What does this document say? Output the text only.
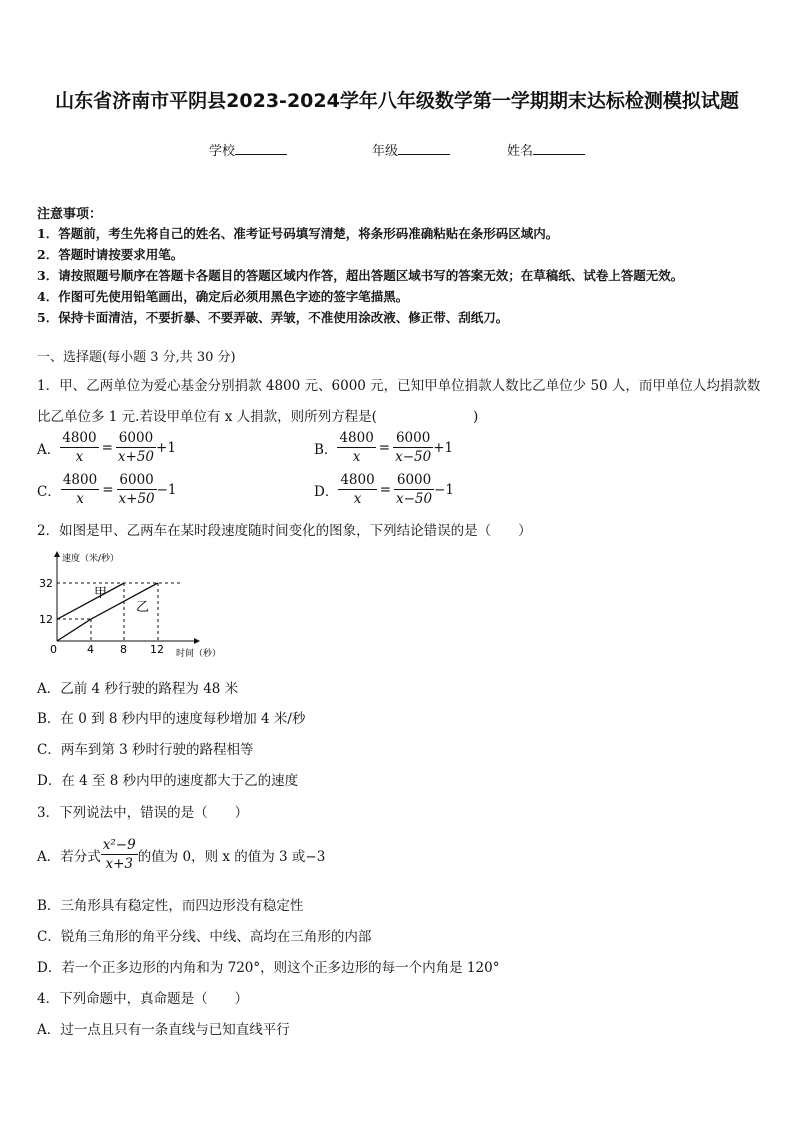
山东省济南市平阴县2023-2024学年八年级数学第一学期期末达标检测模拟试题
学校	年级	姓名
注意事项：
1．答题前，考生先将自己的姓名、准考证号码填写清楚，将条形码准确粘贴在条形码区域内。
2．答题时请按要求用笔。
3．请按照题号顺序在答题卡各题目的答题区域内作答，超出答题区域书写的答案无效；在草稿纸、试卷上答题无效。
4．作图可先使用铅笔画出，确定后必须用黑色字迹的签字笔描黑。
5．保持卡面清洁，不要折暴、不要弄破、弄皱，不准使用涂改液、修正带、刮纸刀。
一、选择题(每小题 3 分,共 30 分)
1．甲、乙两单位为爱心基金分别捐款 4800 元、6000 元，已知甲单位捐款人数比乙单位少 50 人，而甲单位人均捐款数
比乙单位多 1 元.若设甲单位有 x 人捐款，则所列方程是(	)
A． $\frac{4800}{x} = \frac{6000}{x+50} +1$	B． $\frac{4800}{x} = \frac{6000}{x-50} +1$
C． $\frac{4800}{x} = \frac{6000}{x+50} -1$	D． $\frac{4800}{x} = \frac{6000}{x-50} -1$
2．如图是甲、乙两车在某时段速度随时间变化的图象，下列结论错误的是（　　）
速度（米/秒）
时间（秒）
32
12
0	4 8 12
甲
乙
A．乙前 4 秒行驶的路程为 48 米
B．在 0 到 8 秒内甲的速度每秒增加 4 米/秒
C．两车到第 3 秒时行驶的路程相等
D．在 4 至 8 秒内甲的速度都大于乙的速度
3．下列说法中，错误的是（　　）
A．若分式 $\frac{\text{x²−9}}{x+3}$ 的值为 0，则 x 的值为 3 或−3
B．三角形具有稳定性，而四边形没有稳定性
C．锐角三角形的角平分线、中线、高均在三角形的内部
D．若一个正多边形的内角和为 720°，则这个正多边形的每一个内角是 120°
4．下列命题中，真命题是（　　）
A．过一点且只有一条直线与已知直线平行
